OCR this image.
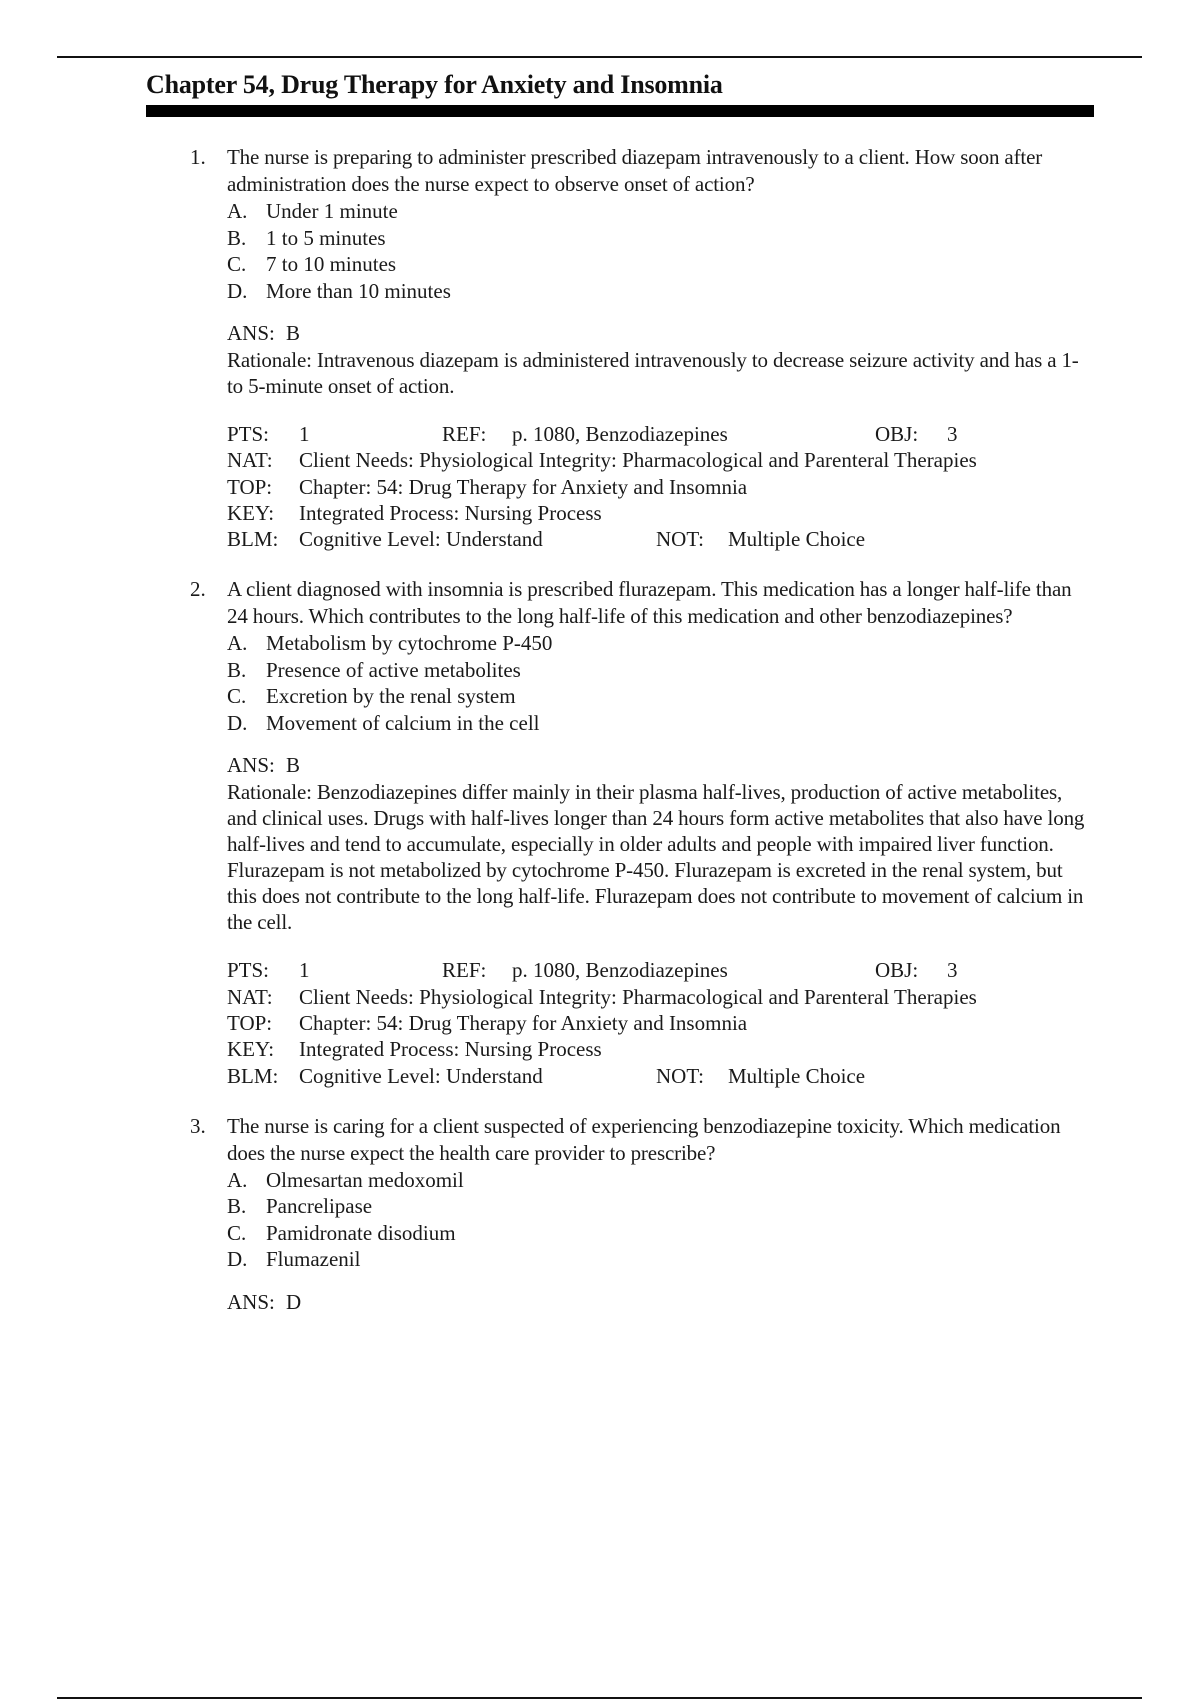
Chapter 54, Drug Therapy for Anxiety and Insomnia
1. The nurse is preparing to administer prescribed diazepam intravenously to a client. How soon after administration does the nurse expect to observe onset of action?

A. Under 1 minute
B. 1 to 5 minutes
C. 7 to 10 minutes
D. More than 10 minutes
ANS: B

Rationale: Intravenous diazepam is administered intravenously to decrease seizure activity and has a 1- to 5-minute onset of action.

PTS:	1	REF:	p. 1080, Benzodiazepines	OBJ:	3
NAT:	Client Needs: Physiological Integrity: Pharmacological and Parenteral Therapies
TOP:	Chapter: 54: Drug Therapy for Anxiety and Insomnia
KEY:	Integrated Process: Nursing Process
BLM: Cognitive Level: Understand	NOT:	Multiple Choice
2. A client diagnosed with insomnia is prescribed flurazepam. This medication has a longer half-life than 24 hours. Which contributes to the long half-life of this medication and other benzodiazepines?

A. Metabolism by cytochrome P-450
B. Presence of active metabolites
C. Excretion by the renal system
D. Movement of calcium in the cell
ANS: B

Rationale: Benzodiazepines differ mainly in their plasma half-lives, production of active metabolites, and clinical uses. Drugs with half-lives longer than 24 hours form active metabolites that also have long half-lives and tend to accumulate, especially in older adults and people with impaired liver function. Flurazepam is not metabolized by cytochrome P-450. Flurazepam is excreted in the renal system, but this does not contribute to the long half-life. Flurazepam does not contribute to movement of calcium in the cell.

PTS:	1	REF:	p. 1080, Benzodiazepines	OBJ:	3
NAT:	Client Needs: Physiological Integrity: Pharmacological and Parenteral Therapies
TOP:	Chapter: 54: Drug Therapy for Anxiety and Insomnia
KEY:	Integrated Process: Nursing Process
BLM: Cognitive Level: Understand	NOT:	Multiple Choice
3. The nurse is caring for a client suspected of experiencing benzodiazepine toxicity. Which medication does the nurse expect the health care provider to prescribe?

A. Olmesartan medoxomil
B. Pancrelipase
C. Pamidronate disodium
D. Flumazenil
ANS: D
